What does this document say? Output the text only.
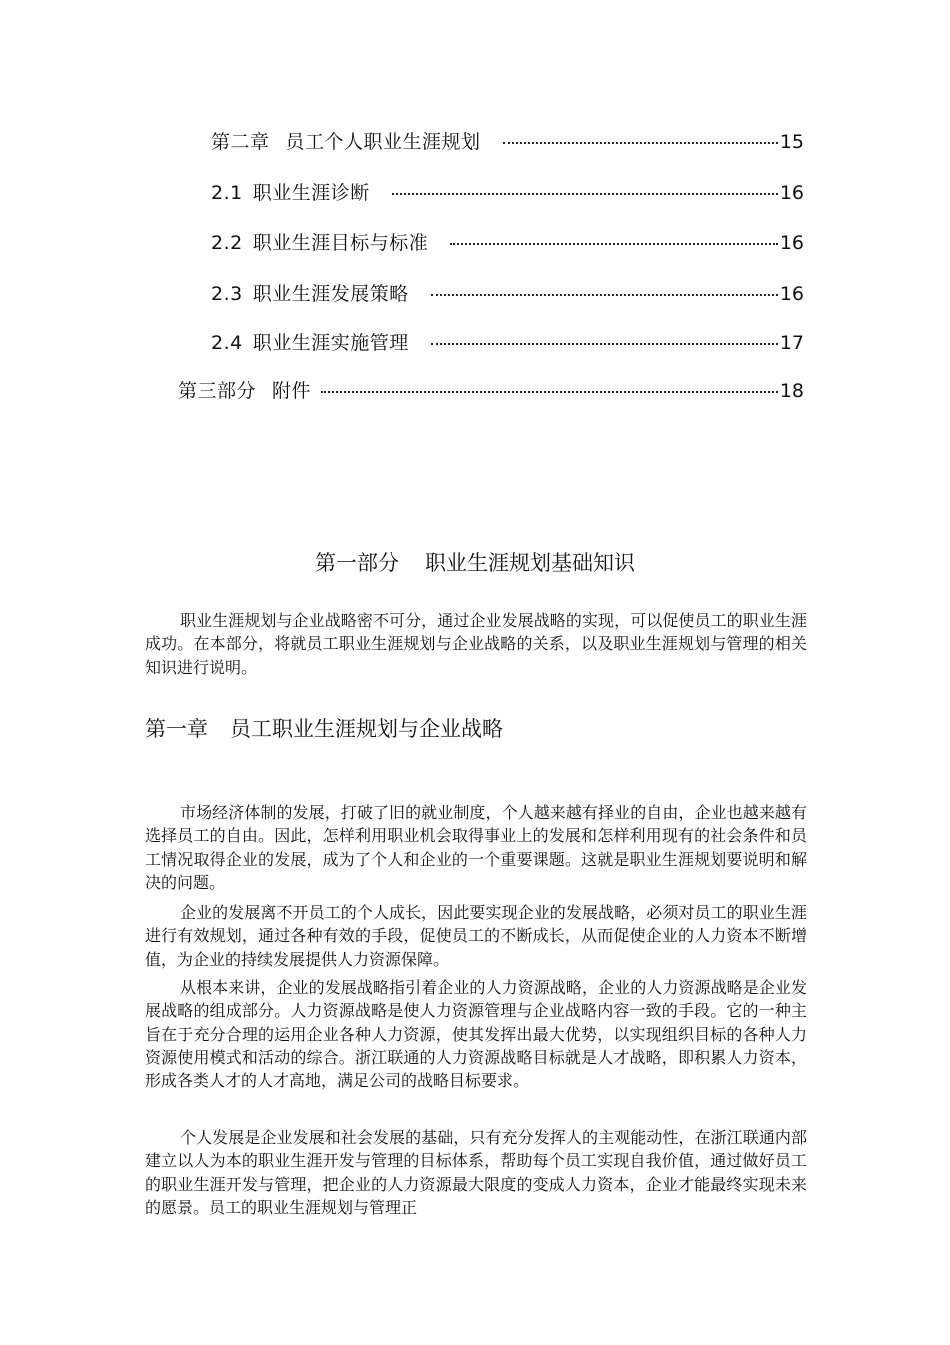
第二章 员工个人职业生涯规划	15
2.1 职业生涯诊断	16
2.2 职业生涯目标与标准	16
2.3 职业生涯发展策略	16
2.4 职业生涯实施管理	17
第三部分 附件	18
第一部分 职业生涯规划基础知识

职业生涯规划与企业战略密不可分，通过企业发展战略的实现，可以促使员工的职业生涯成功。在本部分，将就员工职业生涯规划与企业战略的关系，以及职业生涯规划与管理的相关知识进行说明。

第一章 员工职业生涯规划与企业战略

市场经济体制的发展，打破了旧的就业制度，个人越来越有择业的自由，企业也越来越有选择员工的自由。因此，怎样利用职业机会取得事业上的发展和怎样利用现有的社会条件和员工情况取得企业的发展，成为了个人和企业的一个重要课题。这就是职业生涯规划要说明和解决的问题。

企业的发展离不开员工的个人成长，因此要实现企业的发展战略，必须对员工的职业生涯进行有效规划，通过各种有效的手段，促使员工的不断成长，从而促使企业的人力资本不断增值，为企业的持续发展提供人力资源保障。

从根本来讲，企业的发展战略指引着企业的人力资源战略，企业的人力资源战略是企业发展战略的组成部分。人力资源战略是使人力资源管理与企业战略内容一致的手段。它的一种主旨在于充分合理的运用企业各种人力资源，使其发挥出最大优势，以实现组织目标的各种人力资源使用模式和活动的综合。浙江联通的人力资源战略目标就是人才战略，即积累人力资本，形成各类人才的人才高地，满足公司的战略目标要求。

个人发展是企业发展和社会发展的基础，只有充分发挥人的主观能动性，在浙江联通内部建立以人为本的职业生涯开发与管理的目标体系，帮助每个员工实现自我价值，通过做好员工的职业生涯开发与管理，把企业的人力资源最大限度的变成人力资本，企业才能最终实现未来的愿景。员工的职业生涯规划与管理正
